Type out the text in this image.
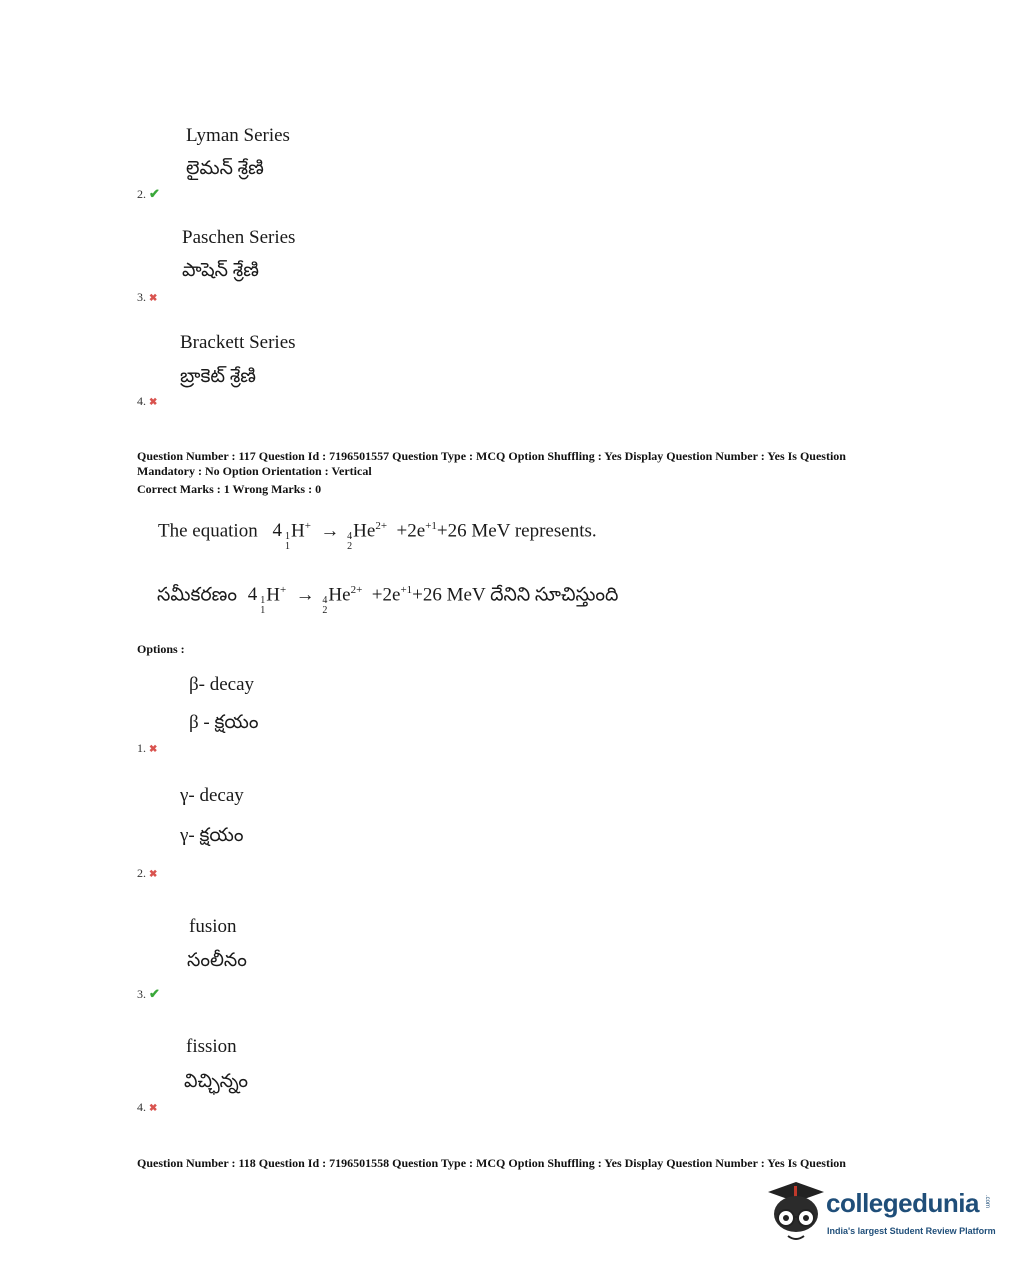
Lyman Series
లైమన్ శ్రేణి
2. ✔
Paschen Series
పాషెన్ శ్రేణి
3. ✖
Brackett Series
బ్రాకెట్ శ్రేణి
4. ✖
Question Number : 117 Question Id : 7196501557 Question Type : MCQ Option Shuffling : Yes Display Question Number : Yes Is Question
Mandatory : No Option Orientation : Vertical
Correct Marks : 1 Wrong Marks : 0
The equation 4 1
1
H+  → 4
2
$He^{2+} +2e^{+1}+26$ MeV represents.
సమీకరణం 4 1
1
H+  → 4
2
$He^{2+} +2e^{+1}+26$ MeV దేనిని సూచిస్తుంది
Options :
β- decay
β - క్షయం
1. ✖
γ- decay
γ- క్షయం
2. ✖
fusion
సంలీనం
3. ✔
fission
విచ్ఛిన్నం
4. ✖
Question Number : 118 Question Id : 7196501558 Question Type : MCQ Option Shuffling : Yes Display Question Number : Yes Is Question
collegedunia .com
India's largest Student Review Platform
